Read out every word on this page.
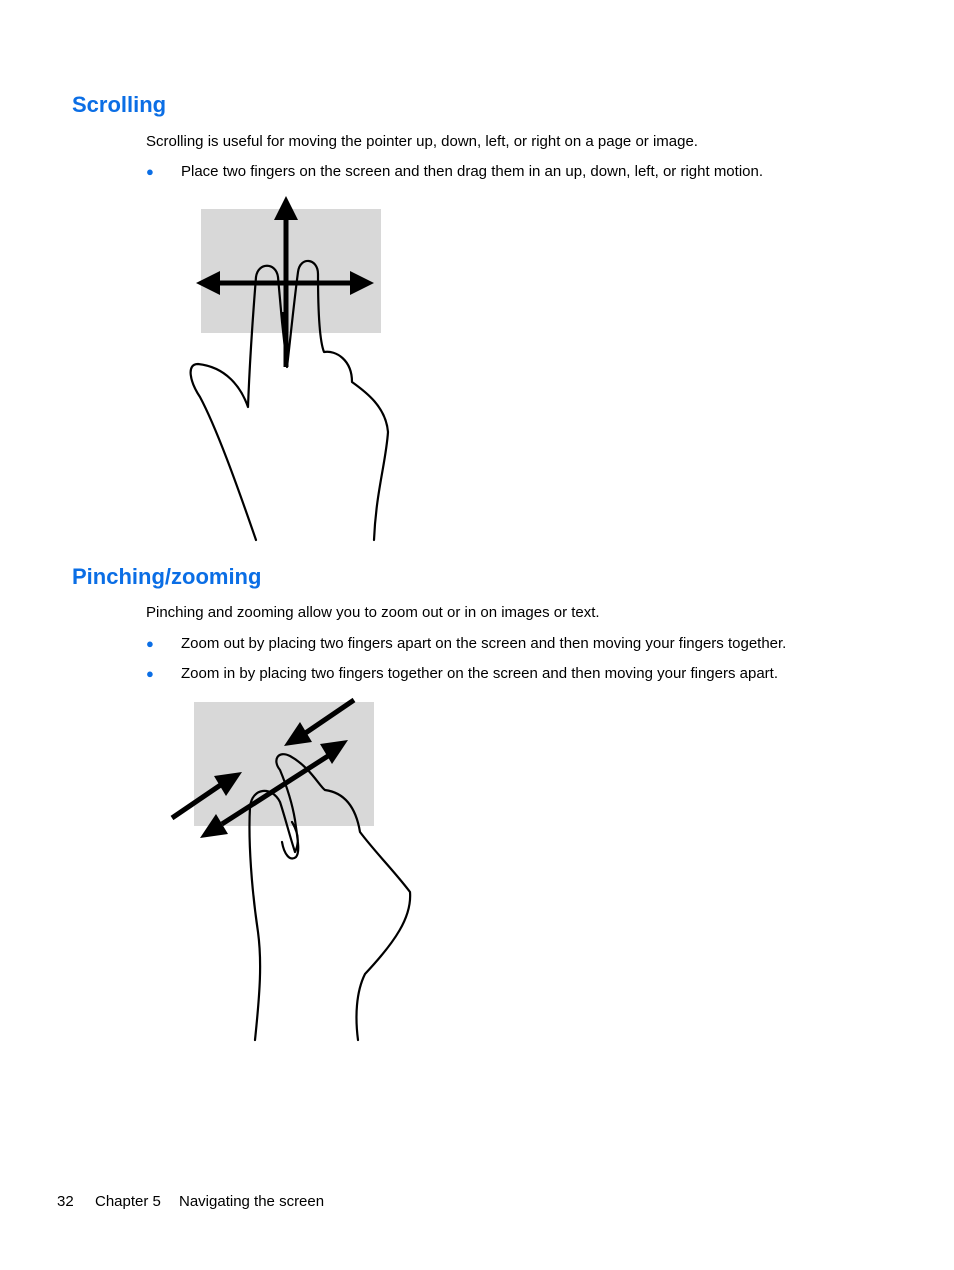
Scrolling

Scrolling is useful for moving the pointer up, down, left, or right on a page or image.

● Place two fingers on the screen and then drag them in an up, down, left, or right motion.
Pinching/zooming

Pinching and zooming allow you to zoom out or in on images or text.

● Zoom out by placing two fingers apart on the screen and then moving your fingers together.
● Zoom in by placing two fingers together on the screen and then moving your fingers apart.
32 Chapter 5 Navigating the screen
